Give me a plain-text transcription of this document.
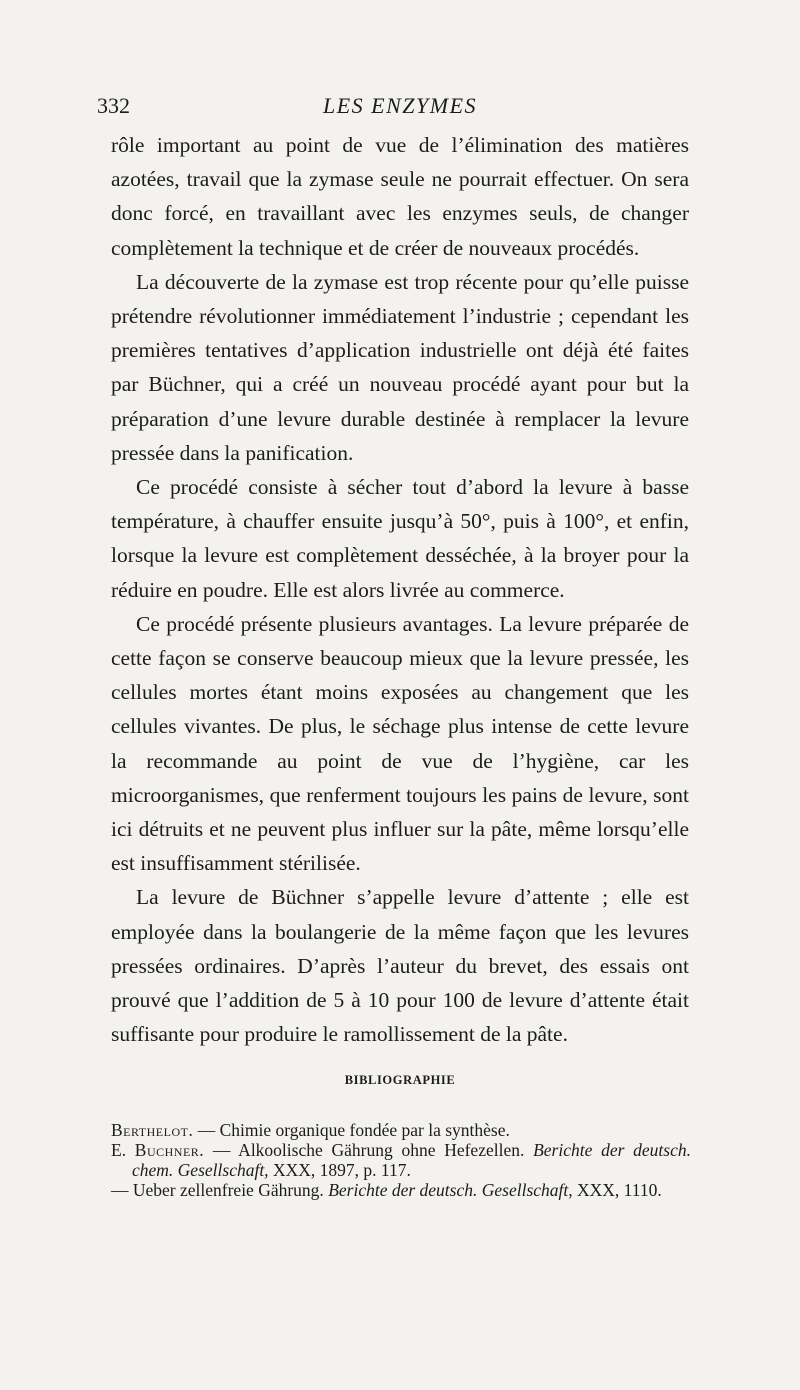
LES ENZYMES
332

rôle important au point de vue de l’élimination des matières azotées, travail que la zymase seule ne pourrait effectuer. On sera donc forcé, en travaillant avec les enzymes seuls, de changer complètement la technique et de créer de nouveaux procédés.

La découverte de la zymase est trop récente pour qu’elle puisse prétendre révolutionner immédiatement l’industrie ; cependant les premières tentatives d’application industrielle ont déjà été faites par Büchner, qui a créé un nouveau procédé ayant pour but la préparation d’une levure durable destinée à remplacer la levure pressée dans la panification.

Ce procédé consiste à sécher tout d’abord la levure à basse température, à chauffer ensuite jusqu’à 50°, puis à 100°, et enfin, lorsque la levure est complètement desséchée, à la broyer pour la réduire en poudre. Elle est alors livrée au commerce.

Ce procédé présente plusieurs avantages. La levure préparée de cette façon se conserve beaucoup mieux que la levure pressée, les cellules mortes étant moins exposées au changement que les cellules vivantes. De plus, le séchage plus intense de cette levure la recommande au point de vue de l’hygiène, car les microorganismes, que renferment toujours les pains de levure, sont ici détruits et ne peuvent plus influer sur la pâte, même lorsqu’elle est insuffisamment stérilisée.

La levure de Büchner s’appelle levure d’attente ; elle est employée dans la boulangerie de la même façon que les levures pressées ordinaires. D’après l’auteur du brevet, des essais ont prouvé que l’addition de 5 à 10 pour 100 de levure d’attente était suffisante pour produire le ramollissement de la pâte.

BIBLIOGRAPHIE

Berthelot. — Chimie organique fondée par la synthèse.

E. Buchner. — Alkoolische Gährung ohne Hefezellen. Berichte der deutsch. chem. Gesellschaft, XXX, 1897, p. 117.

— Ueber zellenfreie Gährung. Berichte der deutsch. Gesellschaft, XXX, 1110.
